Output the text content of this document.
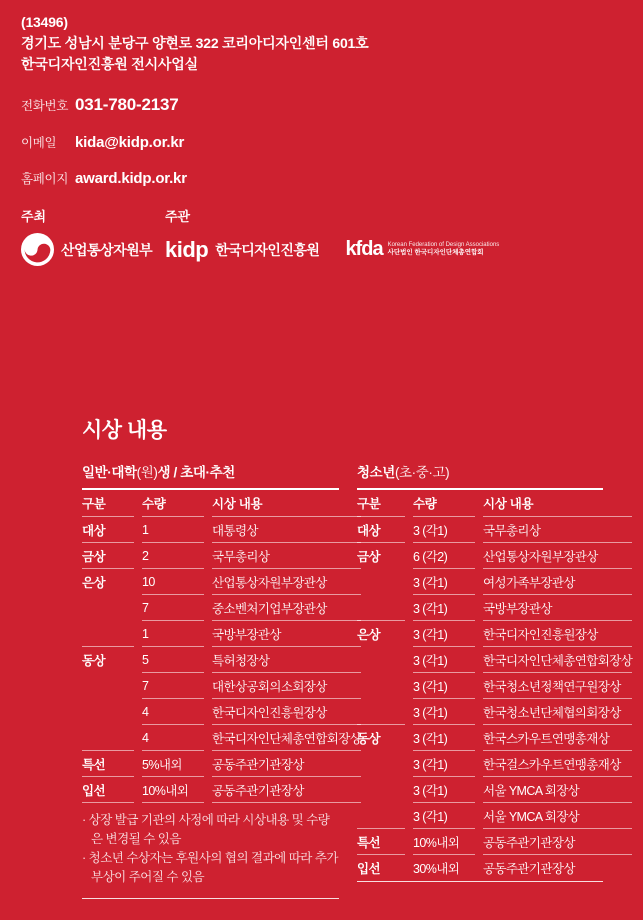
(13496)
경기도 성남시 분당구 양현로 322 코리아디자인센터 601호
한국디자인진흥원 전시사업실
전화번호 031-780-2137
이메일	kida@kidp.or.kr
홈페이지 award.kidp.or.kr
주최
산업통상자원부
주관
kidp 한국디자인진흥원 kfda Korean Federation of Design Associations
사단법인 한국디자인단체총연합회
시상 내용
일반·대학(원)생 / 초대·추천
구분	수량	시상 내용
대상	1	대통령상
금상	2	국무총리상
은상	10	산업통상자원부장관상
7	중소벤처기업부장관상
1	국방부장관상
동상	5	특허청장상
7	대한상공회의소회장상
4	한국디자인진흥원장상
4	한국디자인단체총연합회장상
특선	5%내외	공동주관기관장상
입선	10%내외	공동주관기관장상
· 상장 발급 기관의 사정에 따라 시상내용 및 수량은 변경될 수 있음
· 청소년 수상자는 후원사의 협의 결과에 따라 추가 부상이 주어질 수 있음
청소년(초·중·고)
구분	수량	시상 내용
대상	3 (각1)	국무총리상
금상	6 (각2)	산업통상자원부장관상
3 (각1)	여성가족부장관상
3 (각1)	국방부장관상
은상	3 (각1)	한국디자인진흥원장상
3 (각1)	한국디자인단체총연합회장상
3 (각1)	한국청소년정책연구원장상
3 (각1)	한국청소년단체협의회장상
동상	3 (각1)	한국스카우트연맹총재상
3 (각1)	한국걸스카우트연맹총재상
3 (각1)	서울 YMCA 회장상
3 (각1)	서울 YMCA 회장상
특선	10%내외	공동주관기관장상
입선	30%내외	공동주관기관장상
